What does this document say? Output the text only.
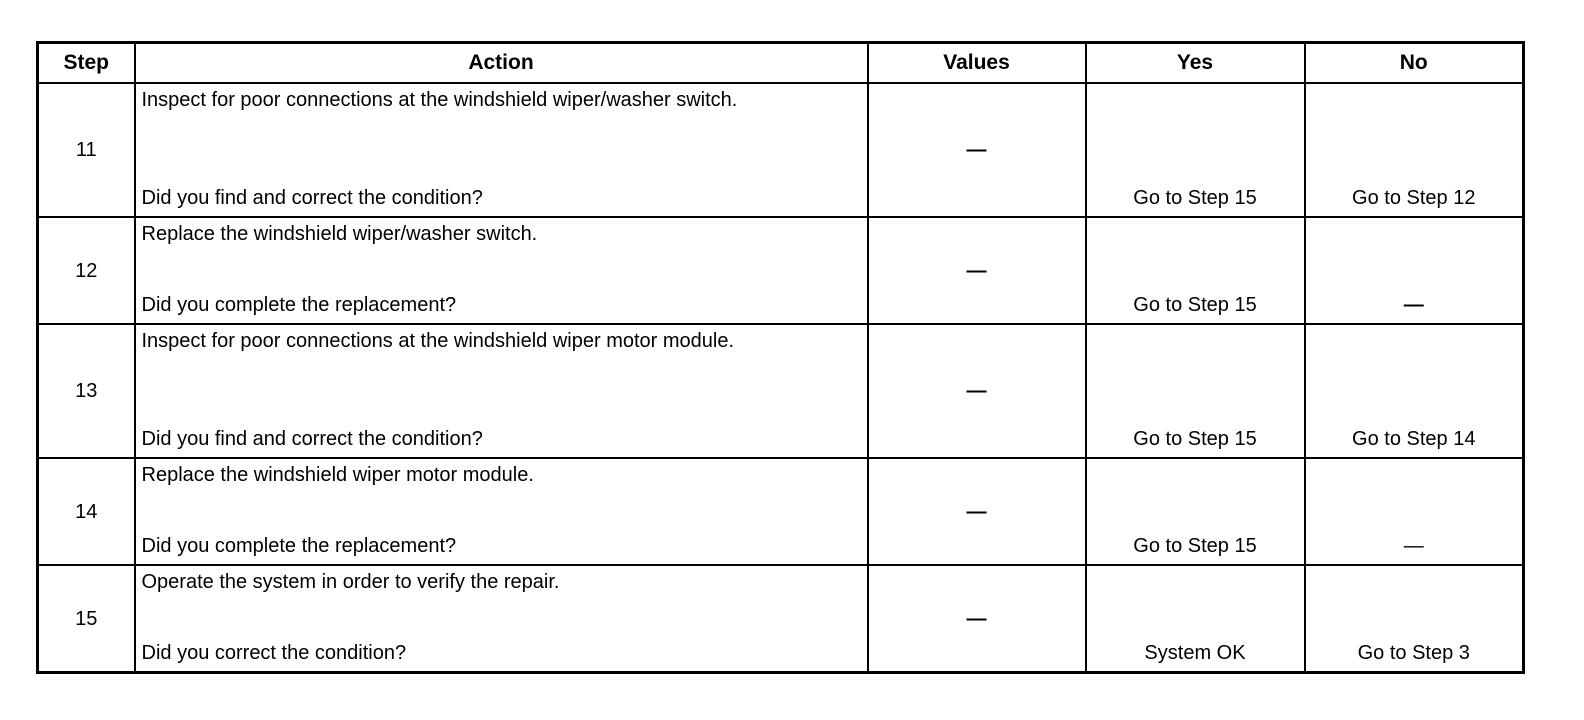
Step	Action	Values	Yes	No
11	Inspect for poor connections at the windshield wiper/washer switch.
Did you find and correct the condition?	—	Go to Step 15	Go to Step 12

12	Replace the windshield wiper/washer switch.
Did you complete the replacement?	—	Go to Step 15	—
13	Inspect for poor connections at the windshield wiper motor module.
Did you find and correct the condition?	—	Go to Step 15	Go to Step 14

14	Replace the windshield wiper motor module.
Did you complete the replacement?	—	Go to Step 15	—

15	Operate the system in order to verify the repair.
Did you correct the condition?	—	System OK	Go to Step 3
